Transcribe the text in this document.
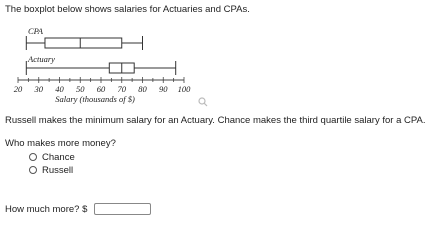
The boxplot below shows salaries for Actuaries and CPAs.
CPA
Actuary
20 30 40 50 60 70 80 90 100
Salary (thousands of $)
Russell makes the minimum salary for an Actuary. Chance makes the third quartile salary for a CPA.
Who makes more money?
Chance
Russell
How much more? $
